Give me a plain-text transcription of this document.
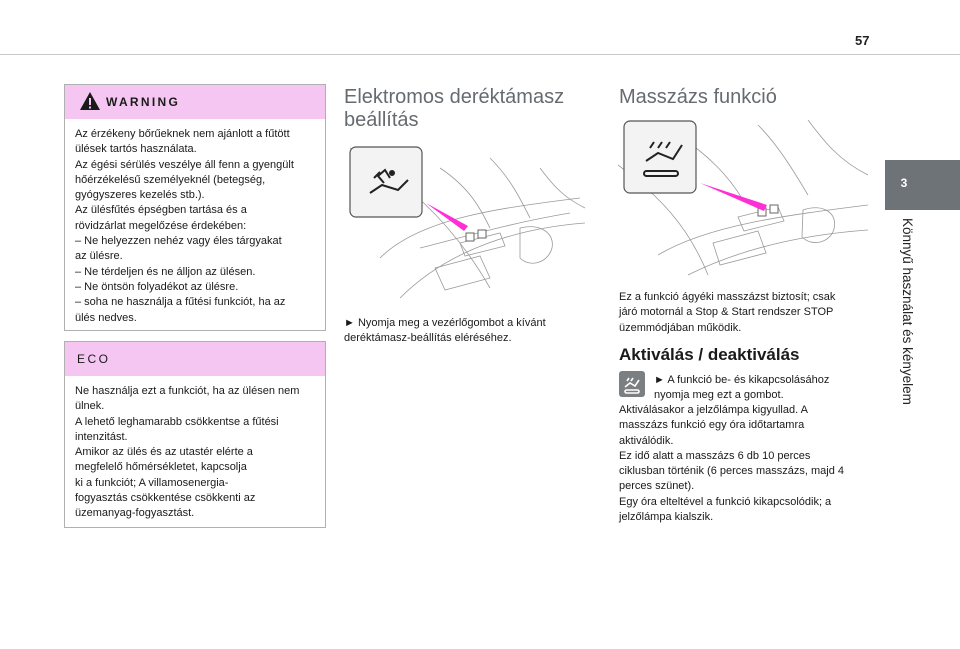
57
3
Könnyű használat és kényelem
WARNING
Az érzékeny bőrűeknek nem ajánlott a fűtött
ülések tartós használata.
Az égési sérülés veszélye áll fenn a gyengült
hőérzékelésű személyeknél (betegség,
gyógyszeres kezelés stb.).
Az ülésfűtés épségben tartása és a
rövidzárlat megelőzése érdekében:
– Ne helyezzen nehéz vagy éles tárgyakat
az ülésre.
– Ne térdeljen és ne álljon az ülésen.
– Ne öntsön folyadékot az ülésre.
– soha ne használja a fűtési funkciót, ha az
ülés nedves.
ECO
Ne használja ezt a funkciót, ha az ülésen nem
ülnek.
A lehető leghamarabb csökkentse a fűtési
intenzitást.
Amikor az ülés és az utastér elérte a
megfelelő hőmérsékletet, kapcsolja
ki a funkciót; A villamosenergia-
fogyasztás csökkentése csökkenti az
üzemanyag-fogyasztást.
Elektromos deréktámasz
beállítás
► Nyomja meg a vezérlőgombot a kívánt
deréktámasz-beállítás eléréséhez.
Masszázs funkció
Ez a funkció ágyéki masszázst biztosít; csak
járó motornál a Stop & Start rendszer STOP
üzemmódjában működik.
Aktiválás / deaktiválás
► A funkció be- és kikapcsolásához
nyomja meg ezt a gombot.
Aktiválásakor a jelzőlámpa kigyullad. A
masszázs funkció egy óra időtartamra
aktiválódik.
Ez idő alatt a masszázs 6 db 10 perces
ciklusban történik (6 perces masszázs, majd 4
perces szünet).
Egy óra elteltével a funkció kikapcsolódik; a
jelzőlámpa kialszik.
